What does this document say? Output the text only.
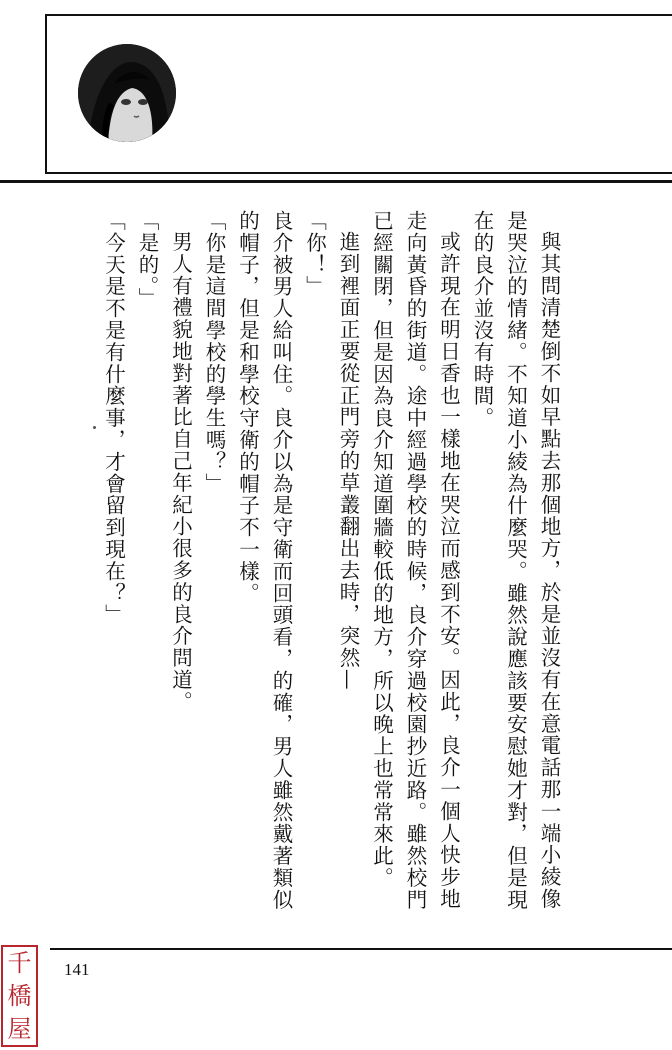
與其問清楚倒不如早點去那個地方，於是並沒有在意電話那一端小綾像是哭泣的情緒。不知道小綾為什麼哭。雖然說應該要安慰她才對，但是現在的良介並沒有時間。

或許現在明日香也一樣地在哭泣而感到不安。因此，良介一個人快步地走向黃昏的街道。途中經過學校的時候，良介穿過校園抄近路。雖然校門已經關閉，但是因為良介知道圍牆較低的地方，所以晚上也常常來此。

進到裡面正要從正門旁的草叢翻出去時，突然—

「你！」

良介被男人給叫住。良介以為是守衛而回頭看，的確，男人雖然戴著類似的帽子，但是和學校守衛的帽子不一樣。

「你是這間學校的學生嗎？」

男人有禮貌地對著比自己年紀小很多的良介問道。

「是的。」

「今天是不是有什麼事，才會留到現在？」

141
千
橋
屋
